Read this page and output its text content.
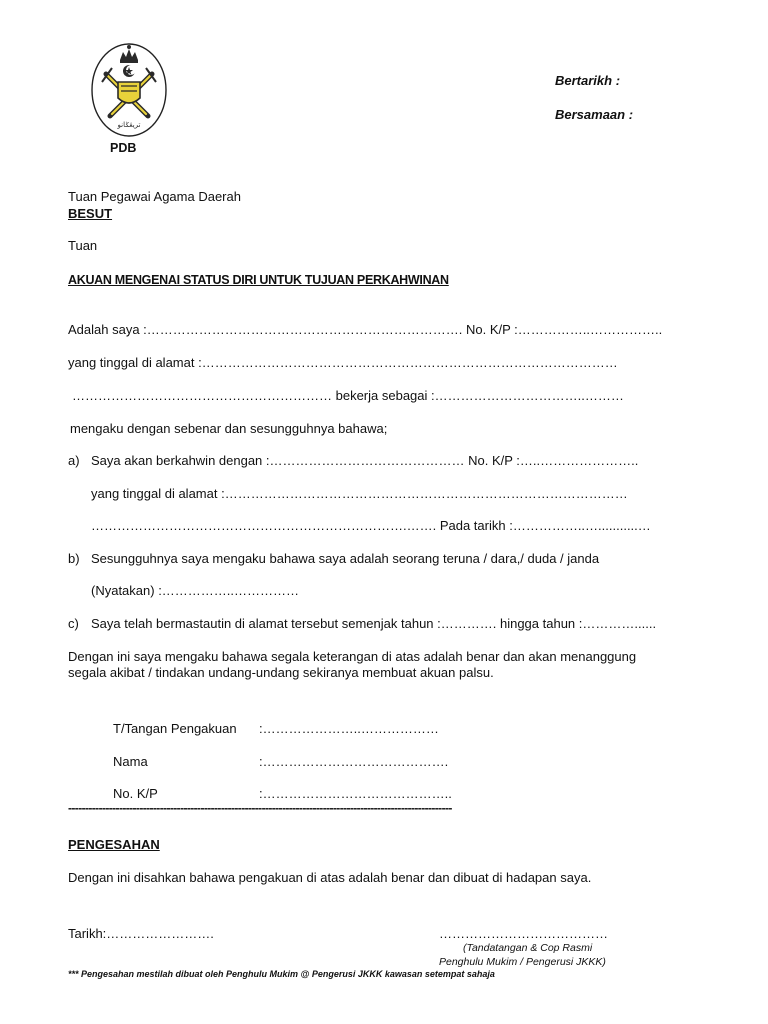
تريڠݢانو
PDB
Bertarikh :
Bersamaan :
Tuan Pegawai Agama Daerah
BESUT
Tuan
AKUAN MENGENAI STATUS DIRI UNTUK TUJUAN PERKAHWINAN
Adalah saya :………………………………………………………………. No. K/P :……………..……………..
yang tinggal di alamat :……………………………………………………………………………………
…………………………………………………… bekerja sebagai :……………………………..………
mengaku dengan sebenar dan sesungguhnya bahawa;
a) Saya akan berkahwin dengan :……………………………………… No. K/P :…..…………………..
yang tinggal di alamat :…………………………………………………………………………………
……………………………………………………………….……. Pada tarikh :……………..…...........…
b) Sesungguhnya saya mengaku bahawa saya adalah seorang teruna / dara,/ duda / janda
(Nyatakan) :……………..……………
c) Saya telah bermastautin di alamat tersebut semenjak tahun :…………. hingga tahun :…………......
Dengan ini saya mengaku bahawa segala keterangan di atas adalah benar dan akan menanggung
segala akibat / tindakan undang-undang sekiranya membuat akuan palsu.
T/Tangan Pengakuan :…………………..………………
Nama	:…………………………………….
No. K/P	:……………………………………..
-----------------------------------------------------------------------------------------------------------------
PENGESAHAN
Dengan ini disahkan bahawa pengakuan di atas adalah benar dan dibuat di hadapan saya.
Tarikh:…………………….	…………………………………
(Tandatangan & Cop Rasmi
Penghulu Mukim / Pengerusi JKKK)
*** Pengesahan mestilah dibuat oleh Penghulu Mukim @ Pengerusi JKKK kawasan setempat sahaja
